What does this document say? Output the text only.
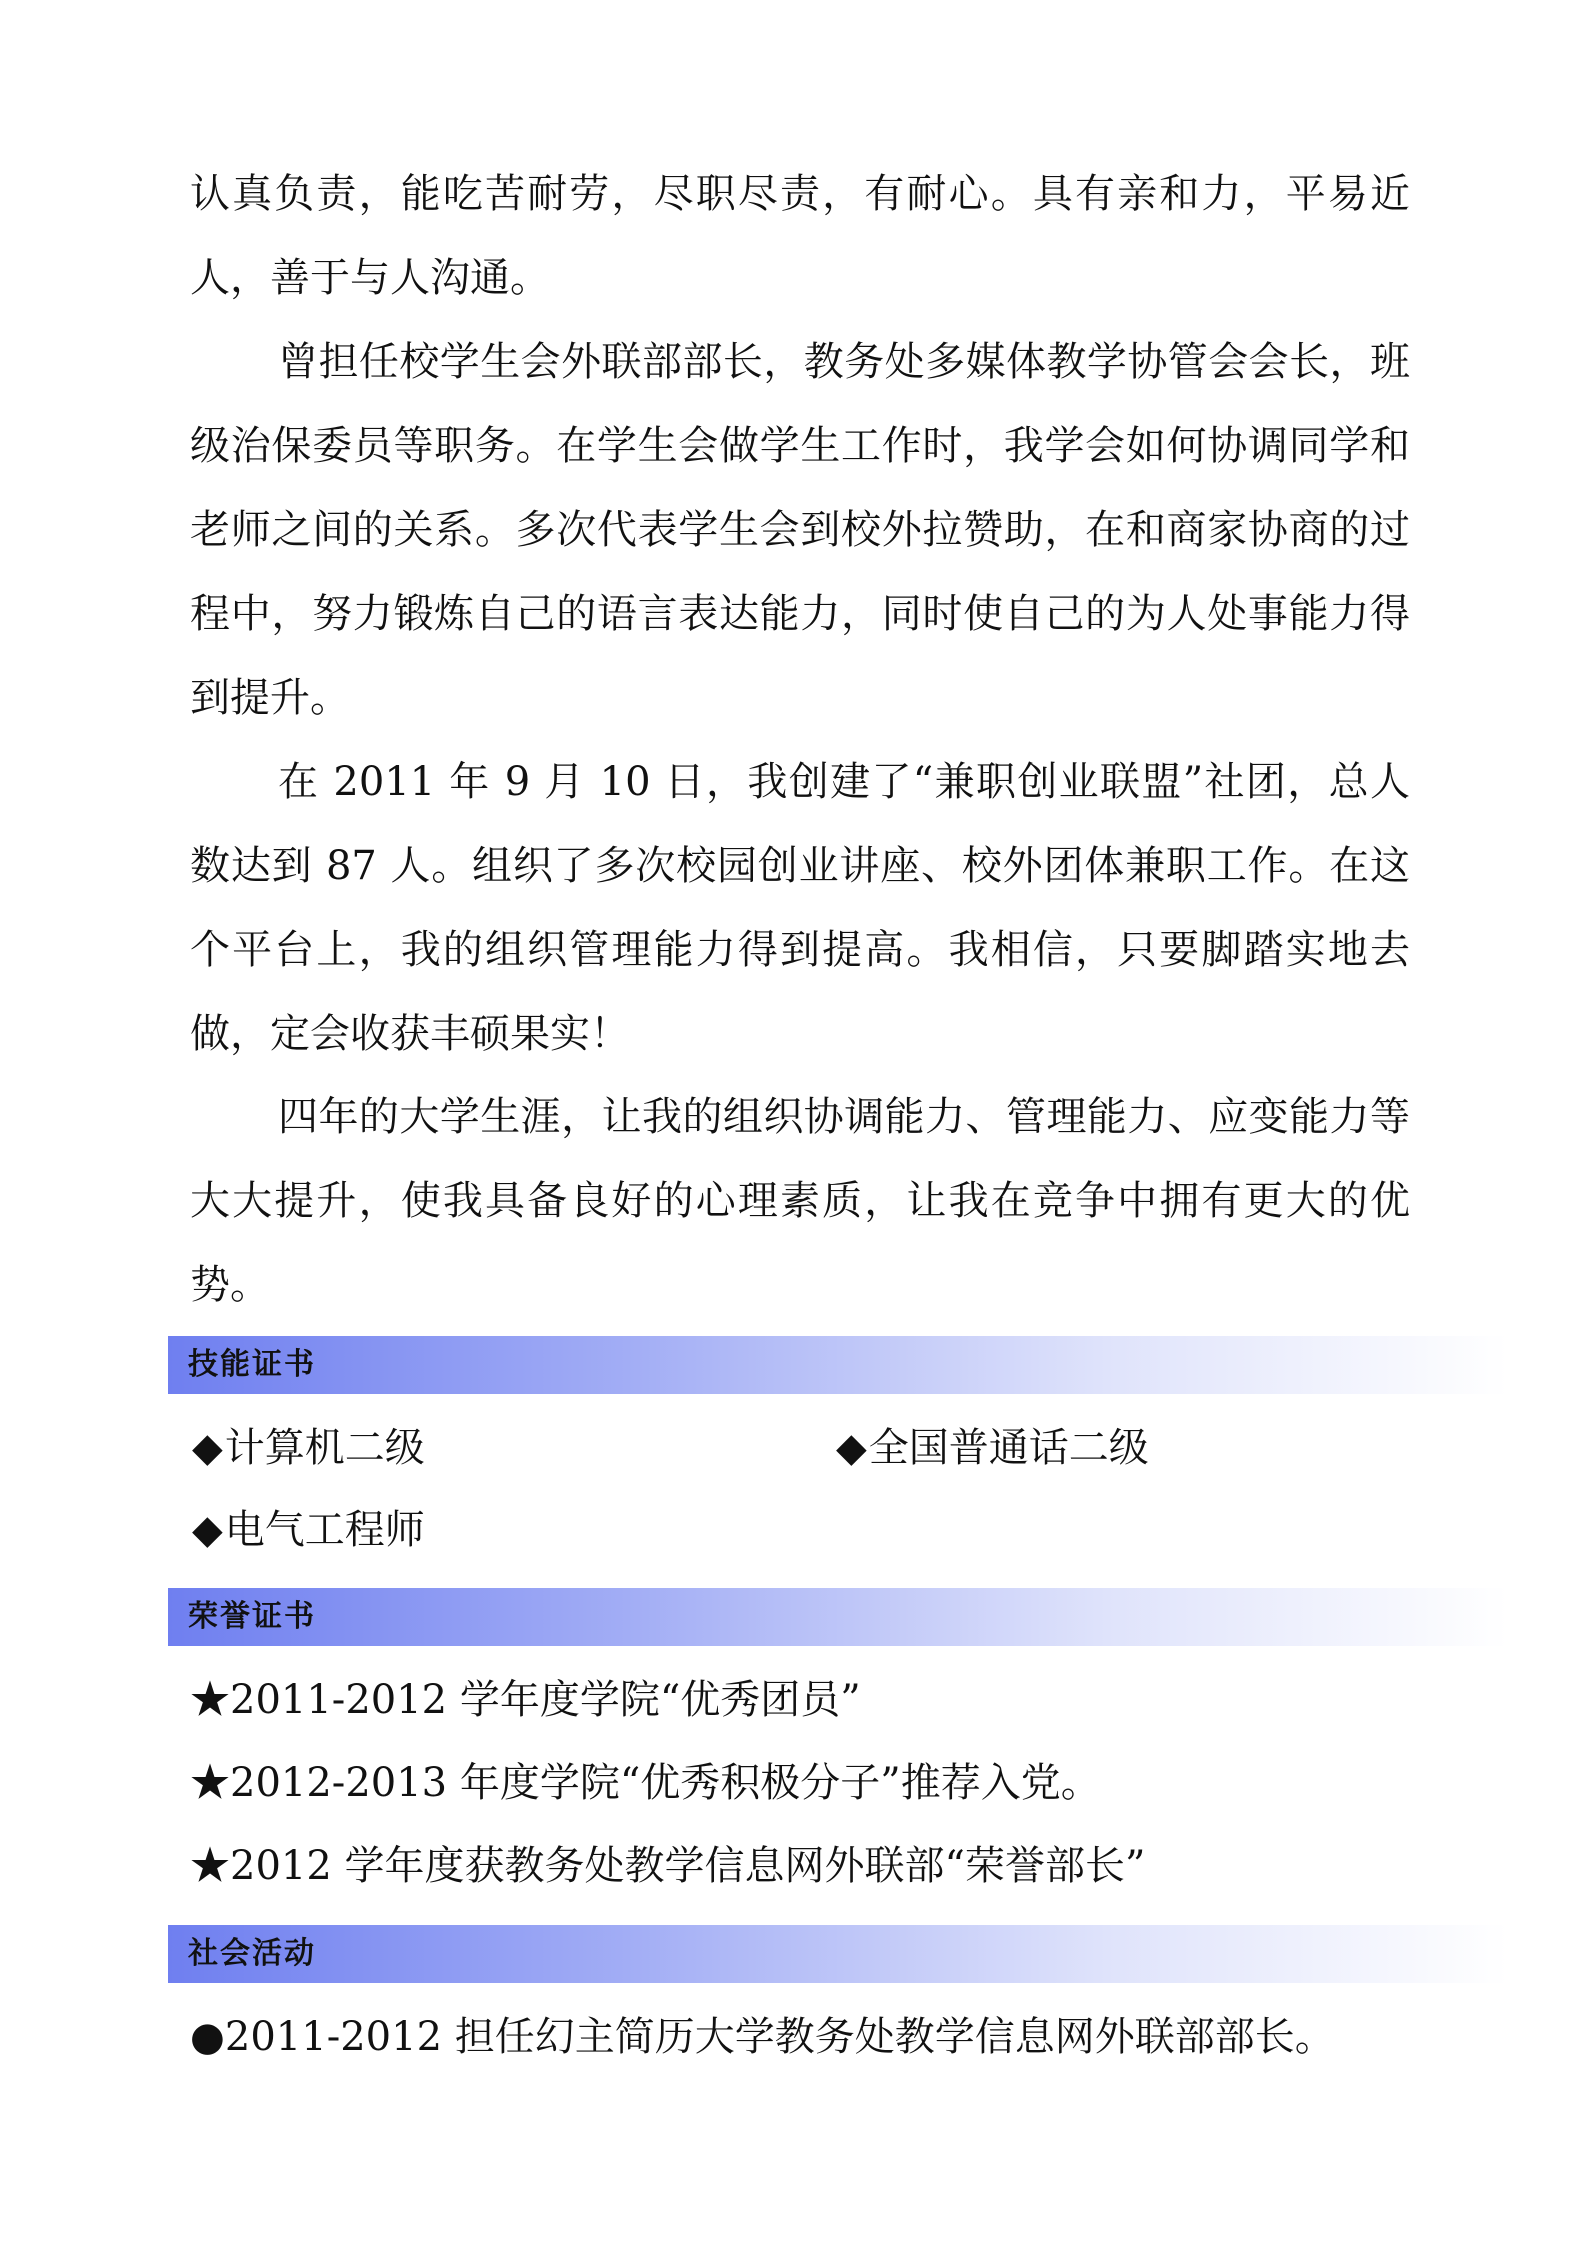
认真负责，能吃苦耐劳，尽职尽责，有耐心。具有亲和力，平易近人，善于与人沟通。

曾担任校学生会外联部部长，教务处多媒体教学协管会会长，班级治保委员等职务。在学生会做学生工作时，我学会如何协调同学和老师之间的关系。多次代表学生会到校外拉赞助，在和商家协商的过程中，努力锻炼自己的语言表达能力，同时使自己的为人处事能力得到提升。

在 2011 年 9 月 10 日，我创建了“兼职创业联盟”社团，总人数达到 87 人。组织了多次校园创业讲座、校外团体兼职工作。在这个平台上，我的组织管理能力得到提高。我相信，只要脚踏实地去做，定会收获丰硕果实！

四年的大学生涯，让我的组织协调能力、管理能力、应变能力等大大提升，使我具备良好的心理素质，让我在竞争中拥有更大的优势。

技能证书
◆计算机二级	◆全国普通话二级
◆电气工程师
荣誉证书
★2011-2012 学年度学院“优秀团员”
★2012-2013 年度学院“优秀积极分子”推荐入党。
★2012 学年度获教务处教学信息网外联部“荣誉部长”
社会活动
●2011-2012 担任幻主简历大学教务处教学信息网外联部部长。
